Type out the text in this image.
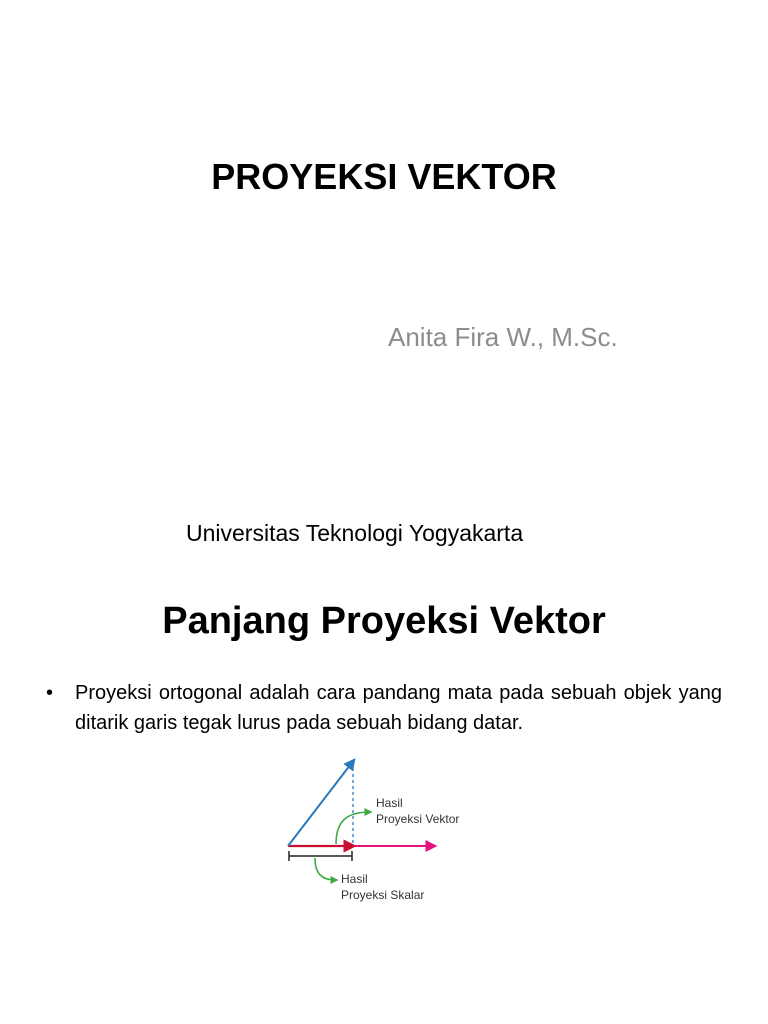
PROYEKSI VEKTOR
Anita Fira W., M.Sc.
Universitas Teknologi Yogyakarta
Panjang Proyeksi Vektor
•	Proyeksi ortogonal adalah cara pandang mata pada sebuah objek yang ditarik garis tegak lurus pada sebuah bidang datar.
Hasil
Proyeksi Vektor
Hasil
Proyeksi Skalar
